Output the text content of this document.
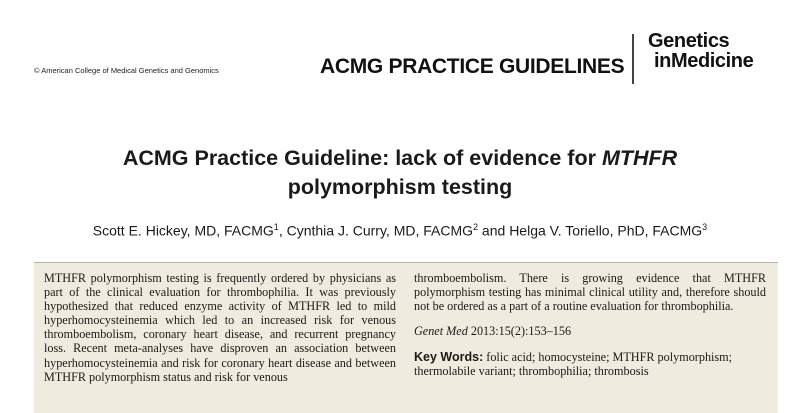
© American College of Medical Genetics and Genomics	ACMG PRACTICE GUIDELINES
Genetics
inMedicine
ACMG Practice Guideline: lack of evidence for MTHFR
polymorphism testing
Scott E. Hickey, MD, FACMG$^1$, Cynthia J. Curry, MD, FACMG$^2$ and Helga V. Toriello, PhD, FACMG$^3$
MTHFR polymorphism testing is frequently ordered by physicians as part of the clinical evaluation for thrombophilia. It was previously hypothesized that reduced enzyme activity of MTHFR led to mild hyperhomocysteinemia which led to an increased risk for venous thromboembolism, coronary heart disease, and recurrent pregnancy loss. Recent meta-analyses have disproven an association between hyperhomocysteinemia and risk for coronary heart disease and between MTHFR polymorphism status and risk for venous
thromboembolism. There is growing evidence that MTHFR polymorphism testing has minimal clinical utility and, therefore should not be ordered as a part of a routine evaluation for thrombophilia.
Genet Med 2013:15(2):153–156
Key Words: folic acid; homocysteine; MTHFR polymorphism; thermolabile variant; thrombophilia; thrombosis
